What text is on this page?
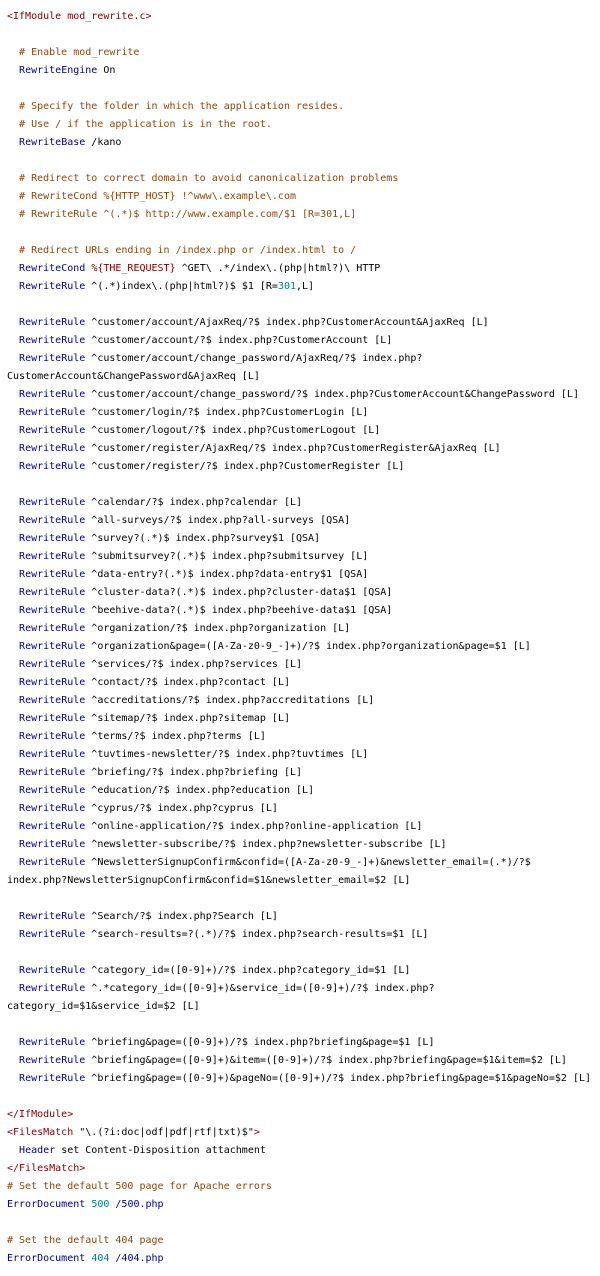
<IfModule mod_rewrite.c>
# Enable mod_rewrite
RewriteEngine On
# Specify the folder in which the application resides.
# Use / if the application is in the root.
RewriteBase /kano
# Redirect to correct domain to avoid canonicalization problems
# RewriteCond %{HTTP_HOST} !^www\.example\.com
# RewriteRule ^(.*)$ http://www.example.com/$1 [R=301,L]
# Redirect URLs ending in /index.php or /index.html to /
RewriteCond %{THE_REQUEST} ^GET\ .*/index\.(php|html?)\ HTTP
RewriteRule ^(.*)index\.(php|html?)$ $1 [R=301,L]
RewriteRule ^customer/account/AjaxReq/?$ index.php?CustomerAccount&AjaxReq [L]
RewriteRule ^customer/account/?$ index.php?CustomerAccount [L]
RewriteRule ^customer/account/change_password/AjaxReq/?$ index.php?
CustomerAccount&ChangePassword&AjaxReq [L]
RewriteRule ^customer/account/change_password/?$ index.php?CustomerAccount&ChangePassword [L]
RewriteRule ^customer/login/?$ index.php?CustomerLogin [L]
RewriteRule ^customer/logout/?$ index.php?CustomerLogout [L]
RewriteRule ^customer/register/AjaxReq/?$ index.php?CustomerRegister&AjaxReq [L]
RewriteRule ^customer/register/?$ index.php?CustomerRegister [L]
RewriteRule ^calendar/?$ index.php?calendar [L]
RewriteRule ^all-surveys/?$ index.php?all-surveys [QSA]
RewriteRule ^survey?(.*)$ index.php?survey$1 [QSA]
RewriteRule ^submitsurvey?(.*)$ index.php?submitsurvey [L]
RewriteRule ^data-entry?(.*)$ index.php?data-entry$1 [QSA]
RewriteRule ^cluster-data?(.*)$ index.php?cluster-data$1 [QSA]
RewriteRule ^beehive-data?(.*)$ index.php?beehive-data$1 [QSA]
RewriteRule ^organization/?$ index.php?organization [L]
RewriteRule ^organization&page=([A-Za-z0-9_-]+)/?$ index.php?organization&page=$1 [L]
RewriteRule ^services/?$ index.php?services [L]
RewriteRule ^contact/?$ index.php?contact [L]
RewriteRule ^accreditations/?$ index.php?accreditations [L]
RewriteRule ^sitemap/?$ index.php?sitemap [L]
RewriteRule ^terms/?$ index.php?terms [L]
RewriteRule ^tuvtimes-newsletter/?$ index.php?tuvtimes [L]
RewriteRule ^briefing/?$ index.php?briefing [L]
RewriteRule ^education/?$ index.php?education [L]
RewriteRule ^cyprus/?$ index.php?cyprus [L]
RewriteRule ^online-application/?$ index.php?online-application [L]
RewriteRule ^newsletter-subscribe/?$ index.php?newsletter-subscribe [L]
RewriteRule ^NewsletterSignupConfirm&confid=([A-Za-z0-9_-]+)&newsletter_email=(.*)/?$
index.php?NewsletterSignupConfirm&confid=$1&newsletter_email=$2 [L]
RewriteRule ^Search/?$ index.php?Search [L]
RewriteRule ^search-results=?(.*)/?$ index.php?search-results=$1 [L]
RewriteRule ^category_id=([0-9]+)/?$ index.php?category_id=$1 [L]
RewriteRule ^.*category_id=([0-9]+)&service_id=([0-9]+)/?$ index.php?
category_id=$1&service_id=$2 [L]
RewriteRule ^briefing&page=([0-9]+)/?$ index.php?briefing&page=$1 [L]
RewriteRule ^briefing&page=([0-9]+)&item=([0-9]+)/?$ index.php?briefing&page=$1&item=$2 [L]
RewriteRule ^briefing&page=([0-9]+)&pageNo=([0-9]+)/?$ index.php?briefing&page=$1&pageNo=$2 [L]
</IfModule>
<FilesMatch "\.(?i:doc|odf|pdf|rtf|txt)$">
Header set Content-Disposition attachment
</FilesMatch>
# Set the default 500 page for Apache errors
ErrorDocument 500 /500.php
# Set the default 404 page
ErrorDocument 404 /404.php
